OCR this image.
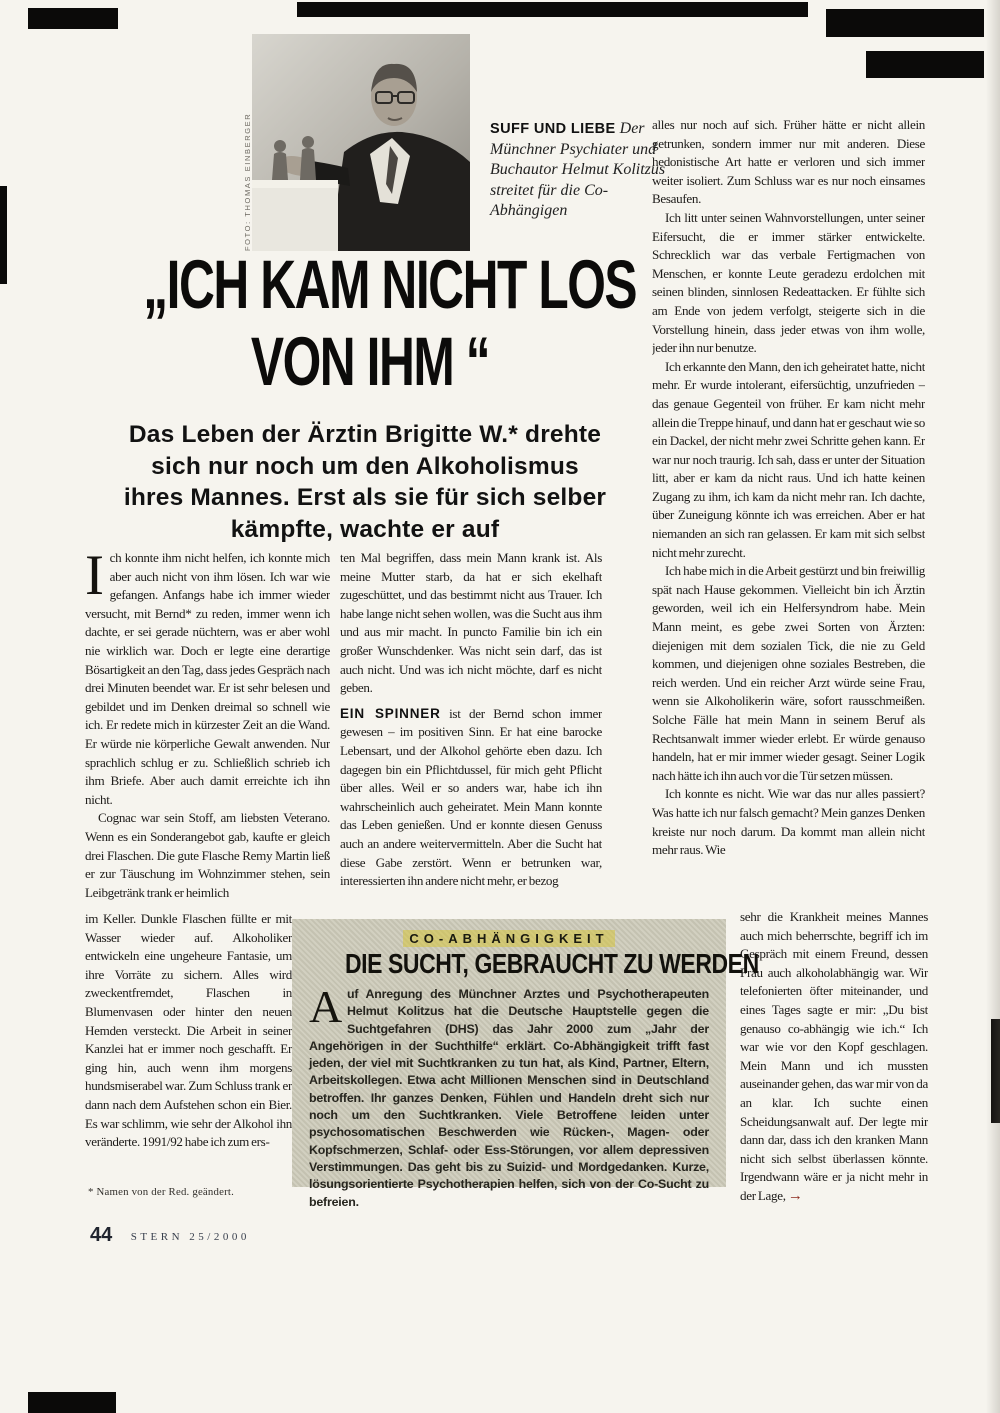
FOTO: THOMAS EINBERGER	SUFF UND LIEBE Der Münchner Psychiater und Buchautor Helmut Kolitzus streitet für die Co-Abhängigen
„ICH KAM NICHT LOS
VON IHM “
Das Leben der Ärztin Brigitte W.* drehte
sich nur noch um den Alkoholismus
ihres Mannes. Erst als sie für sich selber
kämpfte, wachte er auf

Ich konnte ihm nicht helfen, ich konnte mich aber auch nicht von ihm lösen. Ich war wie gefangen. Anfangs habe ich immer wieder versucht, mit Bernd* zu reden, immer wenn ich dachte, er sei gerade nüchtern, was er aber wohl nie wirklich war. Doch er legte eine derartige Bösartigkeit an den Tag, dass jedes Gespräch nach drei Minuten beendet war. Er ist sehr belesen und gebildet und im Denken dreimal so schnell wie ich. Er redete mich in kürzester Zeit an die Wand. Er würde nie körperliche Gewalt anwenden. Nur sprachlich schlug er zu. Schließlich schrieb ich ihm Briefe. Aber auch damit erreichte ich ihn nicht.

Cognac war sein Stoff, am liebsten Veterano. Wenn es ein Sonderangebot gab, kaufte er gleich drei Flaschen. Die gute Flasche Remy Martin ließ er zur Täuschung im Wohnzimmer stehen, sein Leibgetränk trank er heimlich

im Keller. Dunkle Flaschen füllte er mit Wasser wieder auf. Alkoholiker entwickeln eine ungeheure Fantasie, um ihre Vorräte zu sichern. Alles wird zweckentfremdet, Flaschen in Blumenvasen oder hinter den neuen Hemden versteckt. Die Arbeit in seiner Kanzlei hat er immer noch geschafft. Er ging hin, auch wenn ihm morgens hundsmiserabel war. Zum Schluss trank er dann nach dem Aufstehen schon ein Bier. Es war schlimm, wie sehr der Alkohol ihn veränderte. 1991/92 habe ich zum ers-

ten Mal begriffen, dass mein Mann krank ist. Als meine Mutter starb, da hat er sich ekelhaft zugeschüttet, und das bestimmt nicht aus Trauer. Ich habe lange nicht sehen wollen, was die Sucht aus ihm und aus mir macht. In puncto Familie bin ich ein großer Wunschdenker. Was nicht sein darf, das ist auch nicht. Und was ich nicht möchte, darf es nicht geben.

EIN SPINNER ist der Bernd schon immer gewesen – im positiven Sinn. Er hat eine barocke Lebensart, und der Alkohol gehörte eben dazu. Ich dagegen bin ein Pflichtdussel, für mich geht Pflicht über alles. Weil er so anders war, habe ich ihn wahrscheinlich auch geheiratet. Mein Mann konnte das Leben genießen. Und er konnte diesen Genuss auch an andere weitervermitteln. Aber die Sucht hat diese Gabe zerstört. Wenn er betrunken war, interessierten ihn andere nicht mehr, er bezog

alles nur noch auf sich. Früher hätte er nicht allein getrunken, sondern immer nur mit anderen. Diese hedonistische Art hatte er verloren und sich immer weiter isoliert. Zum Schluss war es nur noch einsames Besaufen.

Ich litt unter seinen Wahnvorstellungen, unter seiner Eifersucht, die er immer stärker entwickelte. Schrecklich war das verbale Fertigmachen von Menschen, er konnte Leute geradezu erdolchen mit seinen blinden, sinnlosen Redeattacken. Er fühlte sich am Ende von jedem verfolgt, steigerte sich in die Vorstellung hinein, dass jeder etwas von ihm wolle, jeder ihn nur benutze.

Ich erkannte den Mann, den ich geheiratet hatte, nicht mehr. Er wurde intolerant, eifersüchtig, unzufrieden – das genaue Gegenteil von früher. Er kam nicht mehr allein die Treppe hinauf, und dann hat er geschaut wie so ein Dackel, der nicht mehr zwei Schritte gehen kann. Er war nur noch traurig. Ich sah, dass er unter der Situation litt, aber er kam da nicht raus. Und ich hatte keinen Zugang zu ihm, ich kam da nicht mehr ran. Ich dachte, über Zuneigung könnte ich was erreichen. Aber er hat niemanden an sich ran gelassen. Er kam mit sich selbst nicht mehr zurecht.

Ich habe mich in die Arbeit gestürzt und bin freiwillig spät nach Hause gekommen. Vielleicht bin ich Ärztin geworden, weil ich ein Helfersyndrom habe. Mein Mann meint, es gebe zwei Sorten von Ärzten: diejenigen mit dem sozialen Tick, die nie zu Geld kommen, und diejenigen ohne soziales Bestreben, die reich werden. Und ein reicher Arzt würde seine Frau, wenn sie Alkoholikerin wäre, sofort rausschmeißen. Solche Fälle hat mein Mann in seinem Beruf als Rechtsanwalt immer wieder erlebt. Er würde genauso handeln, hat er mir immer wieder gesagt. Seiner Logik nach hätte ich ihn auch vor die Tür setzen müssen.

Ich konnte es nicht. Wie war das nur alles passiert? Was hatte ich nur falsch gemacht? Mein ganzes Denken kreiste nur noch darum. Da kommt man allein nicht mehr raus. Wie

sehr die Krankheit meines Mannes auch mich beherrschte, begriff ich im Gespräch mit einem Freund, dessen Frau auch alkoholabhängig war. Wir telefonierten öfter miteinander, und eines Tages sagte er mir: „Du bist genauso co-abhängig wie ich.“ Ich war wie vor den Kopf geschlagen. Mein Mann und ich mussten auseinander gehen, das war mir von da an klar. Ich suchte einen Scheidungsanwalt auf. Der legte mir dann dar, dass ich den kranken Mann nicht sich selbst überlassen könnte. Irgendwann wäre er ja nicht mehr in der Lage, →

CO-ABHÄNGIGKEIT
DIE SUCHT, GEBRAUCHT ZU WERDEN
Auf Anregung des Münchner Arztes und Psychotherapeuten Helmut Kolitzus hat die Deutsche Hauptstelle gegen die Suchtgefahren (DHS) das Jahr 2000 zum „Jahr der Angehörigen in der Suchthilfe“ erklärt. Co-Abhängigkeit trifft fast jeden, der viel mit Suchtkranken zu tun hat, als Kind, Partner, Eltern, Arbeitskollegen. Etwa acht Millionen Menschen sind in Deutschland betroffen. Ihr ganzes Denken, Fühlen und Handeln dreht sich nur noch um den Suchtkranken. Viele Betroffene leiden unter psychosomatischen Beschwerden wie Rücken-, Magen- oder Kopfschmerzen, Schlaf- oder Ess-Störungen, vor allem depressiven Verstimmungen. Das geht bis zu Suizid- und Mordgedanken. Kurze, lösungsorientierte Psychotherapien helfen, sich von der Co-Sucht zu befreien.
* Namen von der Red. geändert.
44 STERN 25/2000
